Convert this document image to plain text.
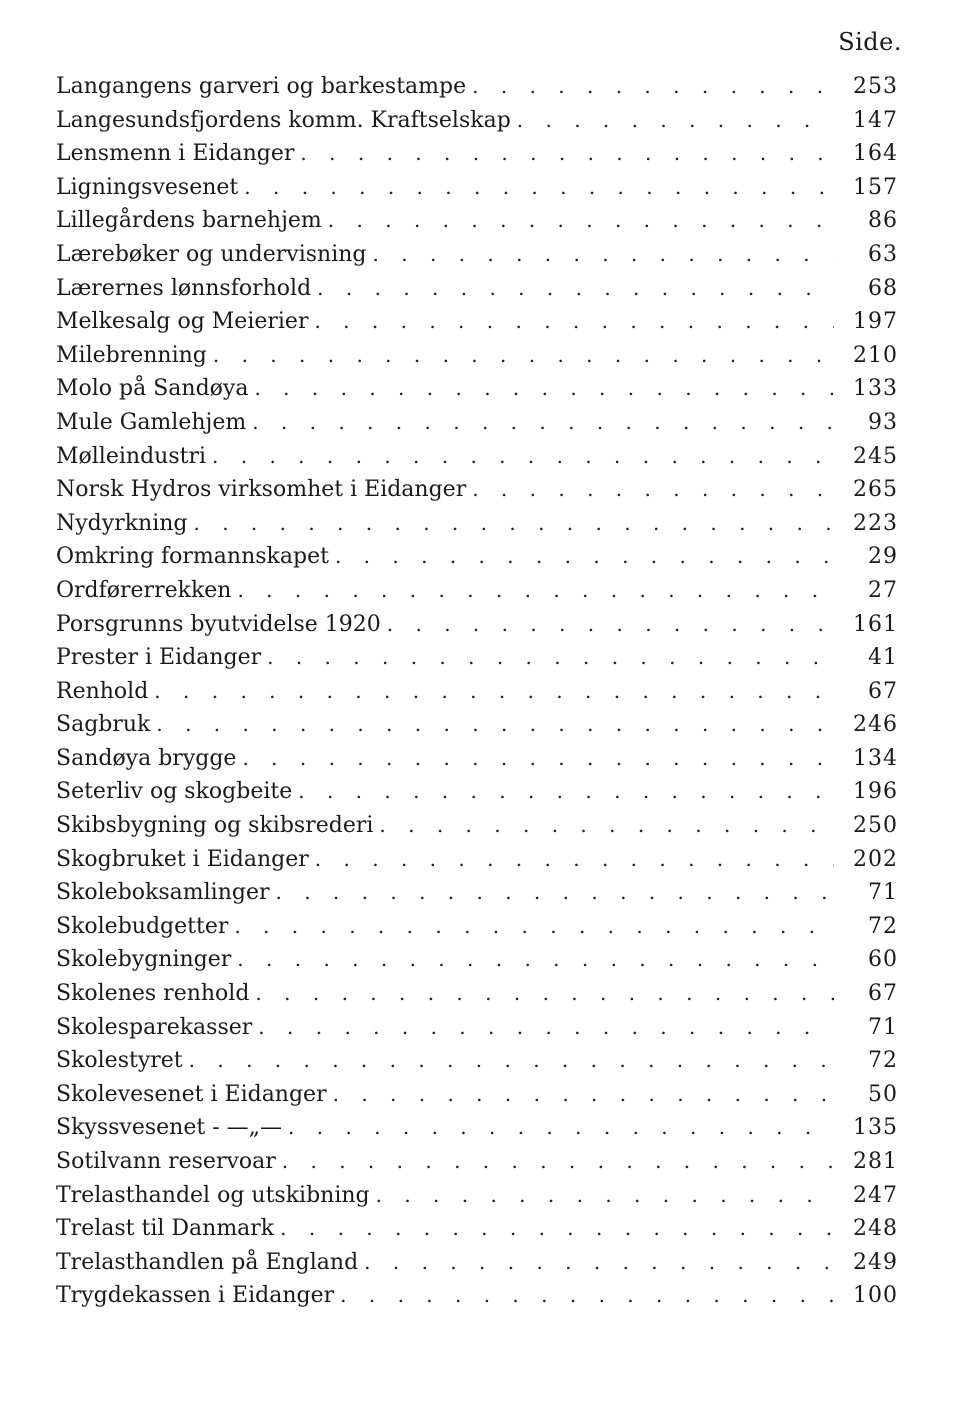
Side.
Langangens garveri og barkestampe . . .	253
Langesundsfjordens komm. Kraftselskap . . .	147
Lensmenn i Eidanger . . .	164
Ligningsvesenet . . .	157
Lillegårdens barnehjem . . .	86
Lærebøker og undervisning . . .	63
Lærernes lønnsforhold . . .	68
Melkesalg og Meierier . . .	197
Milebrenning . . .	210
Molo på Sandøya . . .	133
Mule Gamlehjem . . .	93
Mølleindustri . . .	245
Norsk Hydros virksomhet i Eidanger . . .	265
Nydyrkning . . .	223
Omkring formannskapet . . .	29
Ordførerrekken . . .	27
Porsgrunns byutvidelse 1920 . . .	161
Prester i Eidanger . . .	41
Renhold . . .	67
Sagbruk . . .	246
Sandøya brygge . . .	134
Seterliv og skogbeite . . .	196
Skibsbygning og skibsrederi . . .	250
Skogbruket i Eidanger . . .	202
Skoleboksamlinger . . .	71
Skolebudgetter . . .	72
Skolebygninger . . .	60
Skolenes renhold . . .	67
Skolesparekasser . . .	71
Skolestyret . . .	72
Skolevesenet i Eidanger . . .	50
Skyssvesenet - —„— . . .	135
Sotilvann reservoar . . .	281
Trelasthandel og utskibning . . .	247
Trelast til Danmark . . .	248
Trelasthandlen på England . . .	249
Trygdekassen i Eidanger . . .	100
